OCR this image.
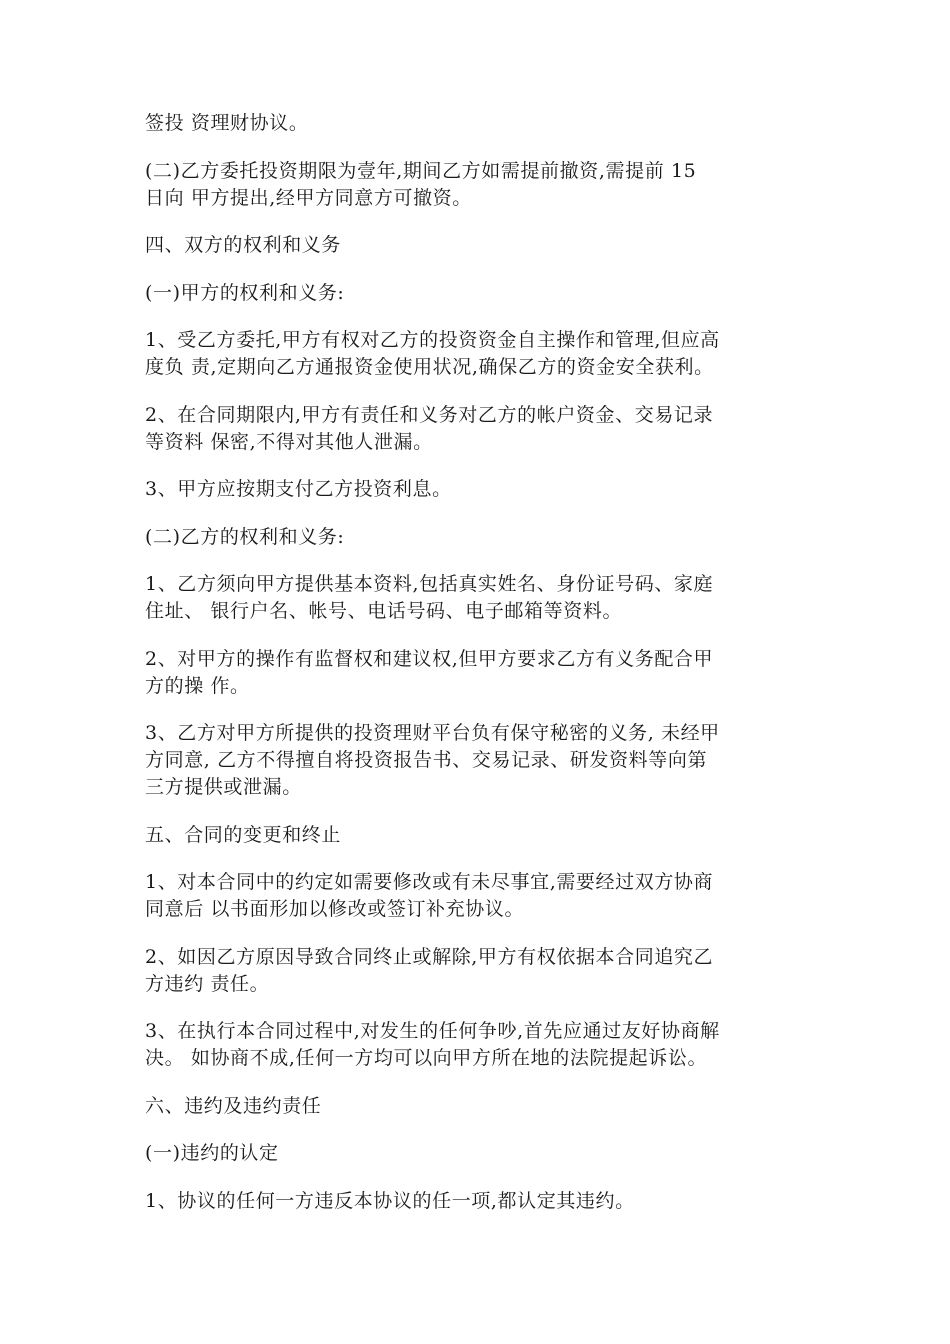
签投 资理财协议。

(二)乙方委托投资期限为壹年,期间乙方如需提前撤资,需提前 15
日向 甲方提出,经甲方同意方可撤资。

四、双方的权利和义务

(一)甲方的权利和义务:

1、受乙方委托,甲方有权对乙方的投资资金自主操作和管理,但应高
度负 责,定期向乙方通报资金使用状况,确保乙方的资金安全获利。

2、在合同期限内,甲方有责任和义务对乙方的帐户资金、交易记录
等资料 保密,不得对其他人泄漏。

3、甲方应按期支付乙方投资利息。

(二)乙方的权利和义务:

1、乙方须向甲方提供基本资料,包括真实姓名、身份证号码、家庭
住址、 银行户名、帐号、电话号码、电子邮箱等资料。

2、对甲方的操作有监督权和建议权,但甲方要求乙方有义务配合甲
方的操 作。

3、乙方对甲方所提供的投资理财平台负有保守秘密的义务, 未经甲
方同意, 乙方不得擅自将投资报告书、交易记录、研发资料等向第
三方提供或泄漏。

五、合同的变更和终止

1、对本合同中的约定如需要修改或有未尽事宜,需要经过双方协商
同意后 以书面形加以修改或签订补充协议。

2、如因乙方原因导致合同终止或解除,甲方有权依据本合同追究乙
方违约 责任。

3、在执行本合同过程中,对发生的任何争吵,首先应通过友好协商解
决。 如协商不成,任何一方均可以向甲方所在地的法院提起诉讼。

六、违约及违约责任

(一)违约的认定

1、协议的任何一方违反本协议的任一项,都认定其违约。
